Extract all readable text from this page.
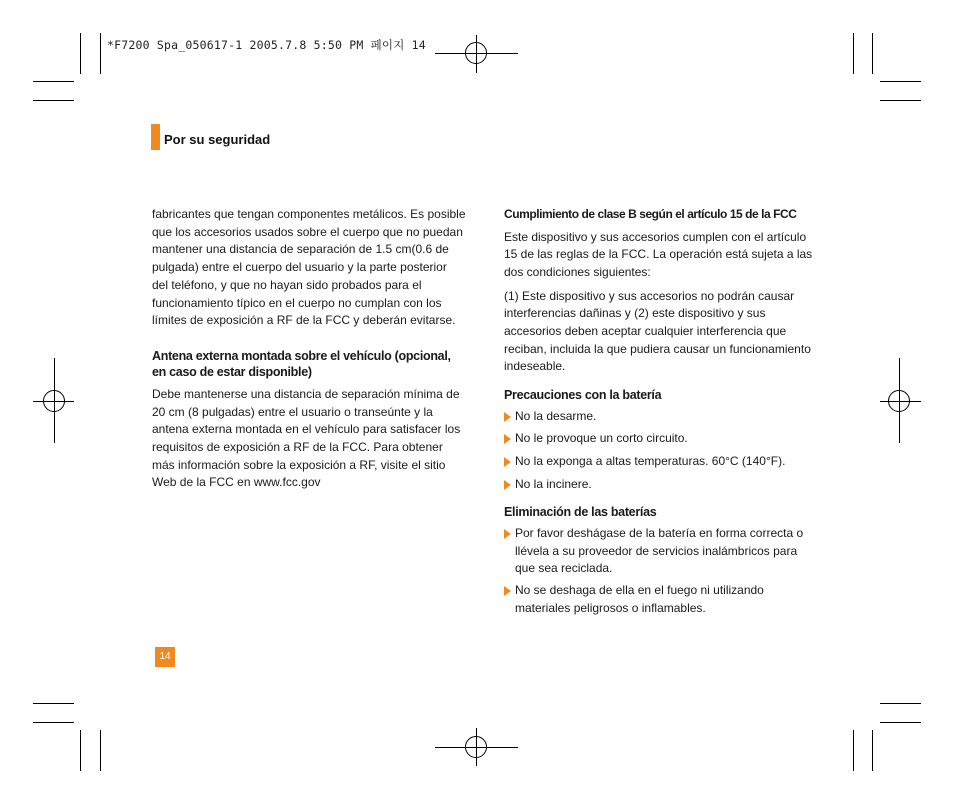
*F7200 Spa_050617-1 2005.7.8 5:50 PM 페이지 14
Por su seguridad

fabricantes que tengan componentes metálicos. Es posible que los accesorios usados sobre el cuerpo que no puedan mantener una distancia de separación de 1.5 cm(0.6 de pulgada) entre el cuerpo del usuario y la parte posterior del teléfono, y que no hayan sido probados para el funcionamiento típico en el cuerpo no cumplan con los límites de exposición a RF de la FCC y deberán evitarse.

Antena externa montada sobre el vehículo (opcional, en caso de estar disponible)

Debe mantenerse una distancia de separación mínima de 20 cm (8 pulgadas) entre el usuario o transeúnte y la antena externa montada en el vehículo para satisfacer los requisitos de exposición a RF de la FCC. Para obtener más información sobre la exposición a RF, visite el sitio Web de la FCC en www.fcc.gov

Cumplimiento de clase B según el artículo 15 de la FCC

Este dispositivo y sus accesorios cumplen con el artículo 15 de las reglas de la FCC. La operación está sujeta a las dos condiciones siguientes:

(1) Este dispositivo y sus accesorios no podrán causar interferencias dañinas y (2) este dispositivo y sus accesorios deben aceptar cualquier interferencia que reciban, incluida la que pudiera causar un funcionamiento indeseable.

Precauciones con la batería

No la desarme.
No le provoque un corto circuito.
No la exponga a altas temperaturas. 60°C (140°F).
No la incinere.

Eliminación de las baterías

Por favor deshágase de la batería en forma correcta o llévela a su proveedor de servicios inalámbricos para que sea reciclada.
No se deshaga de ella en el fuego ni utilizando materiales peligrosos o inflamables.
14
